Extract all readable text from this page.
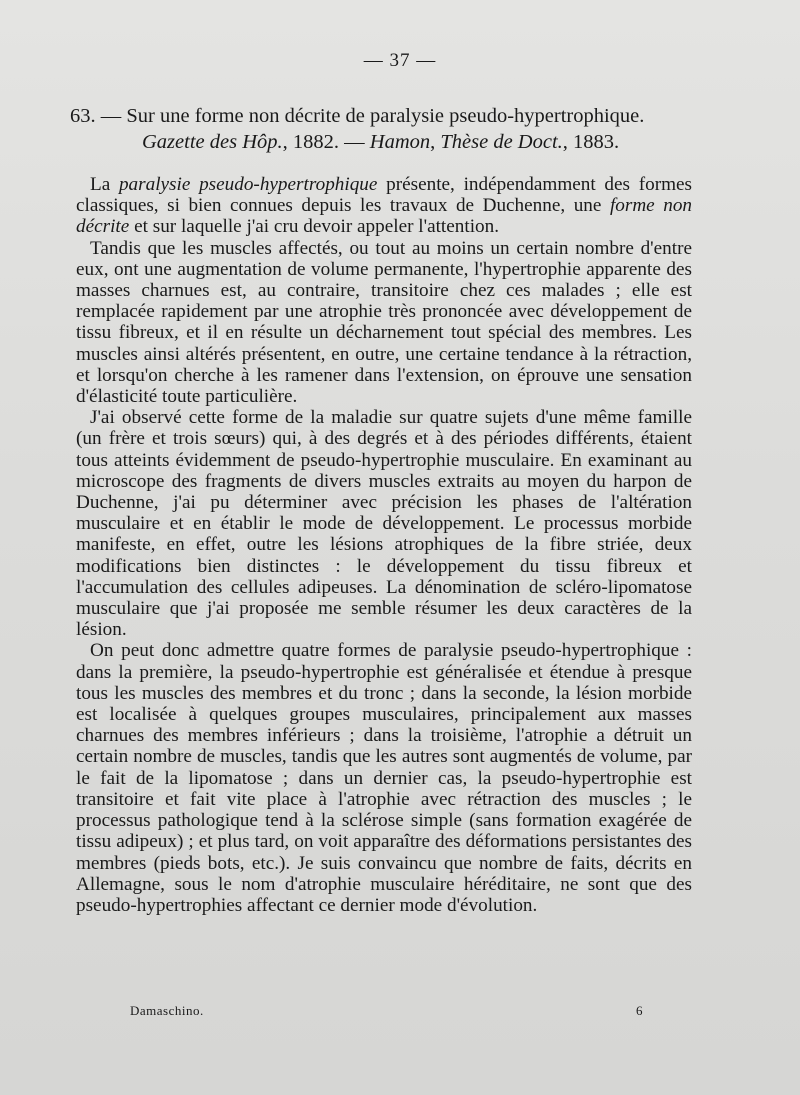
— 37 —
63. — Sur une forme non décrite de paralysie pseudo-hypertrophique.
Gazette des Hôp., 1882. — Hamon, Thèse de Doct., 1883.

La paralysie pseudo-hypertrophique présente, indépendamment des formes classiques, si bien connues depuis les travaux de Duchenne, une forme non décrite et sur laquelle j'ai cru devoir appeler l'attention.

Tandis que les muscles affectés, ou tout au moins un certain nombre d'entre eux, ont une augmentation de volume permanente, l'hypertrophie apparente des masses charnues est, au contraire, transitoire chez ces malades ; elle est remplacée rapidement par une atrophie très prononcée avec développement de tissu fibreux, et il en résulte un décharnement tout spécial des membres. Les muscles ainsi altérés présentent, en outre, une certaine tendance à la rétraction, et lorsqu'on cherche à les ramener dans l'extension, on éprouve une sensation d'élasticité toute particulière.

J'ai observé cette forme de la maladie sur quatre sujets d'une même famille (un frère et trois sœurs) qui, à des degrés et à des périodes différents, étaient tous atteints évidemment de pseudo-hypertrophie musculaire. En examinant au microscope des fragments de divers muscles extraits au moyen du harpon de Duchenne, j'ai pu déterminer avec précision les phases de l'altération musculaire et en établir le mode de développement. Le processus morbide manifeste, en effet, outre les lésions atrophiques de la fibre striée, deux modifications bien distinctes : le développement du tissu fibreux et l'accumulation des cellules adipeuses. La dénomination de scléro-lipomatose musculaire que j'ai proposée me semble résumer les deux caractères de la lésion.

On peut donc admettre quatre formes de paralysie pseudo-hypertrophique : dans la première, la pseudo-hypertrophie est généralisée et étendue à presque tous les muscles des membres et du tronc ; dans la seconde, la lésion morbide est localisée à quelques groupes musculaires, principalement aux masses charnues des membres inférieurs ; dans la troisième, l'atrophie a détruit un certain nombre de muscles, tandis que les autres sont augmentés de volume, par le fait de la lipomatose ; dans un dernier cas, la pseudo-hypertrophie est transitoire et fait vite place à l'atrophie avec rétraction des muscles ; le processus pathologique tend à la sclérose simple (sans formation exagérée de tissu adipeux) ; et plus tard, on voit apparaître des déformations persistantes des membres (pieds bots, etc.). Je suis convaincu que nombre de faits, décrits en Allemagne, sous le nom d'atrophie musculaire héréditaire, ne sont que des pseudo-hypertrophies affectant ce dernier mode d'évolution.

Damaschino.	6
